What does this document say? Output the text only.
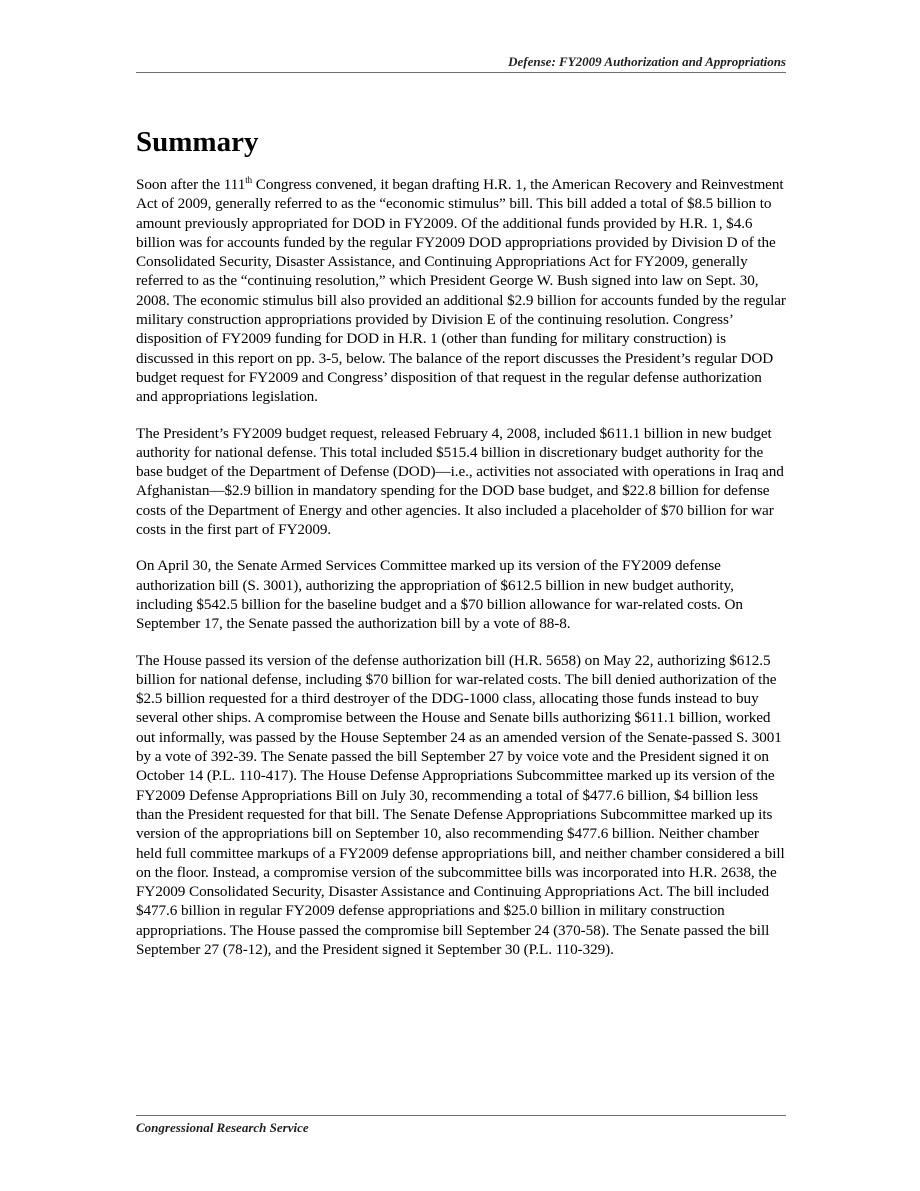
Defense: FY2009 Authorization and Appropriations
Summary

Soon after the 111th Congress convened, it began drafting H.R. 1, the American Recovery and Reinvestment Act of 2009, generally referred to as the “economic stimulus” bill. This bill added a total of $8.5 billion to amount previously appropriated for DOD in FY2009. Of the additional funds provided by H.R. 1, $4.6 billion was for accounts funded by the regular FY2009 DOD appropriations provided by Division D of the Consolidated Security, Disaster Assistance, and Continuing Appropriations Act for FY2009, generally referred to as the “continuing resolution,” which President George W. Bush signed into law on Sept. 30, 2008. The economic stimulus bill also provided an additional $2.9 billion for accounts funded by the regular military construction appropriations provided by Division E of the continuing resolution. Congress’ disposition of FY2009 funding for DOD in H.R. 1 (other than funding for military construction) is discussed in this report on pp. 3-5, below. The balance of the report discusses the President’s regular DOD budget request for FY2009 and Congress’ disposition of that request in the regular defense authorization and appropriations legislation.

The President’s FY2009 budget request, released February 4, 2008, included $611.1 billion in new budget authority for national defense. This total included $515.4 billion in discretionary budget authority for the base budget of the Department of Defense (DOD)—i.e., activities not associated with operations in Iraq and Afghanistan—$2.9 billion in mandatory spending for the DOD base budget, and $22.8 billion for defense costs of the Department of Energy and other agencies. It also included a placeholder of $70 billion for war costs in the first part of FY2009.

On April 30, the Senate Armed Services Committee marked up its version of the FY2009 defense authorization bill (S. 3001), authorizing the appropriation of $612.5 billion in new budget authority, including $542.5 billion for the baseline budget and a $70 billion allowance for war-related costs. On September 17, the Senate passed the authorization bill by a vote of 88-8.

The House passed its version of the defense authorization bill (H.R. 5658) on May 22, authorizing $612.5 billion for national defense, including $70 billion for war-related costs. The bill denied authorization of the $2.5 billion requested for a third destroyer of the DDG-1000 class, allocating those funds instead to buy several other ships. A compromise between the House and Senate bills authorizing $611.1 billion, worked out informally, was passed by the House September 24 as an amended version of the Senate-passed S. 3001 by a vote of 392-39. The Senate passed the bill September 27 by voice vote and the President signed it on October 14 (P.L. 110-417). The House Defense Appropriations Subcommittee marked up its version of the FY2009 Defense Appropriations Bill on July 30, recommending a total of $477.6 billion, $4 billion less than the President requested for that bill. The Senate Defense Appropriations Subcommittee marked up its version of the appropriations bill on September 10, also recommending $477.6 billion. Neither chamber held full committee markups of a FY2009 defense appropriations bill, and neither chamber considered a bill on the floor. Instead, a compromise version of the subcommittee bills was incorporated into H.R. 2638, the FY2009 Consolidated Security, Disaster Assistance and Continuing Appropriations Act. The bill included $477.6 billion in regular FY2009 defense appropriations and $25.0 billion in military construction appropriations. The House passed the compromise bill September 24 (370-58). The Senate passed the bill September 27 (78-12), and the President signed it September 30 (P.L. 110-329).

Congressional Research Service
